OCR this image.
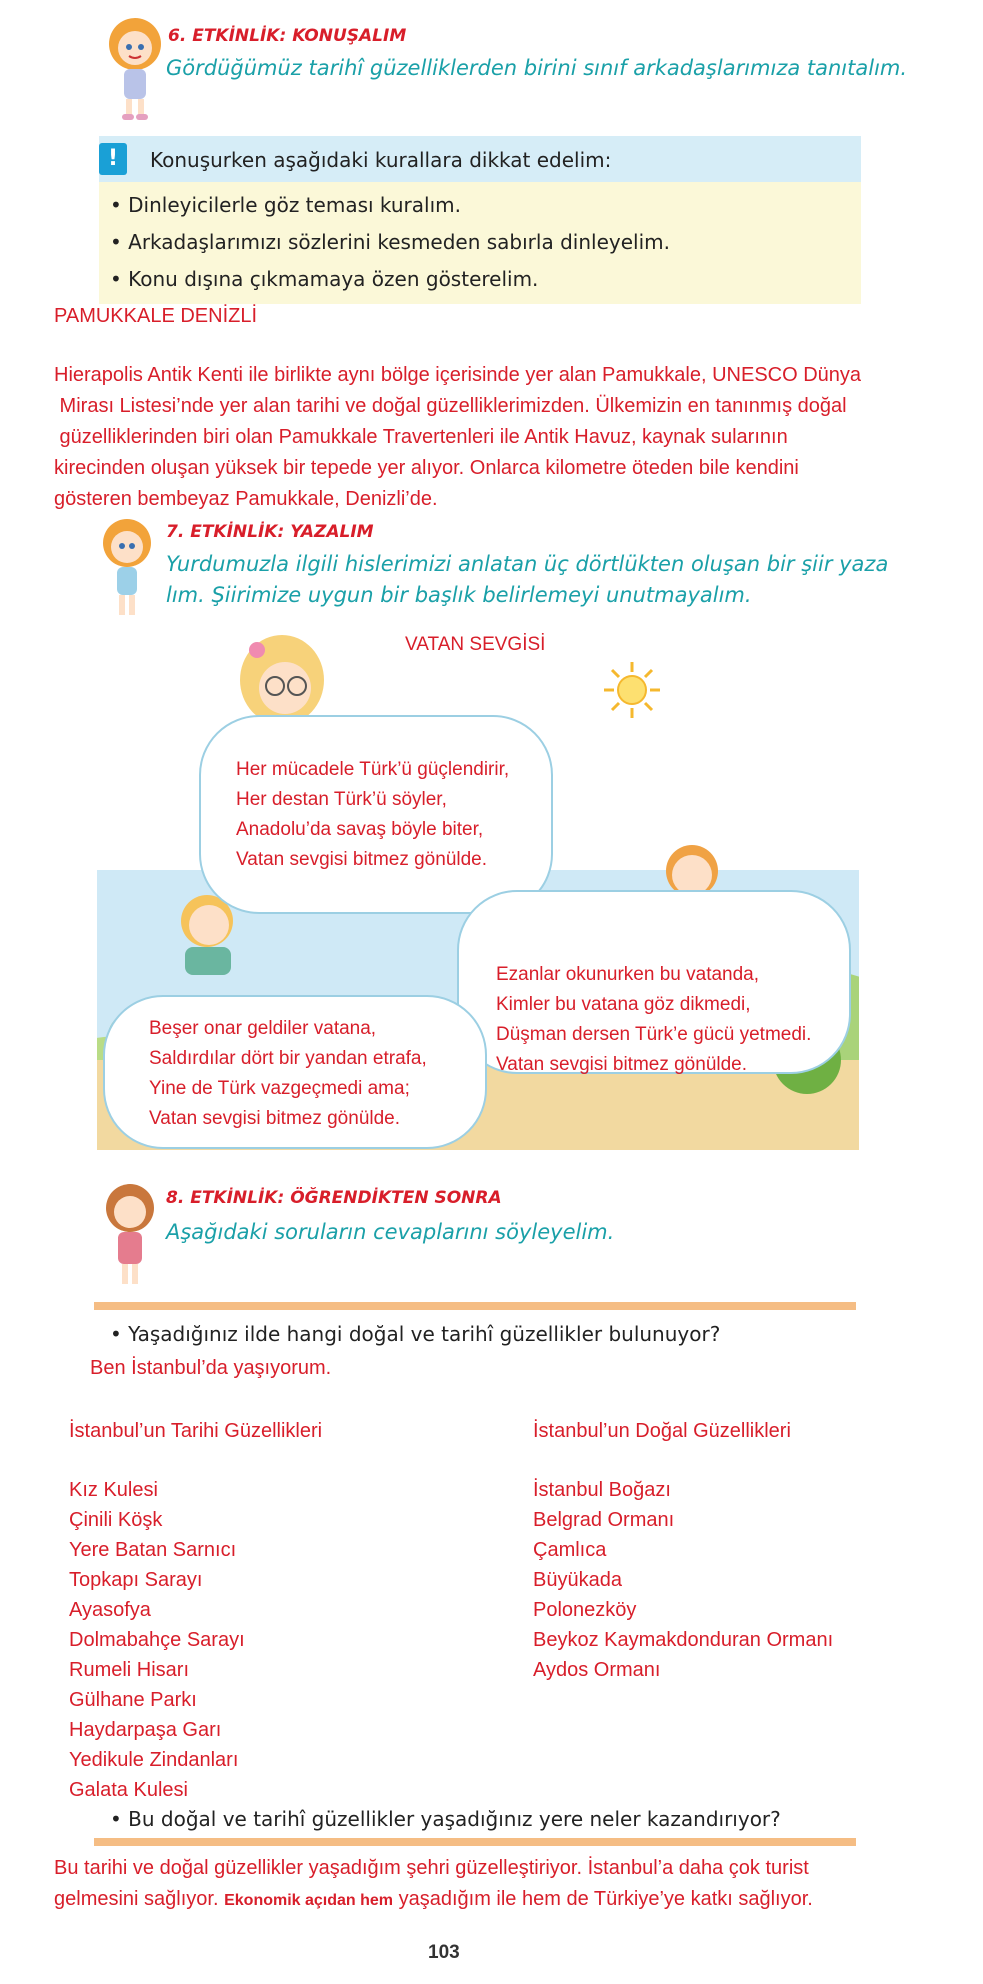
6. ETKİNLİK: KONUŞALIM
Gördüğümüz tarihî güzelliklerden birini sınıf arkadaşlarımıza tanıtalım.
!	Konuşurken aşağıdaki kurallara dikkat edelim:
• Dinleyicilerle göz teması kuralım.
• Arkadaşlarımızı sözlerini kesmeden sabırla dinleyelim.
• Konu dışına çıkmamaya özen gösterelim.
PAMUKKALE DENİZLİ
Hierapolis Antik Kenti ile birlikte aynı bölge içerisinde yer alan Pamukkale, UNESCO Dünya
Mirası Listesi’nde yer alan tarihi ve doğal güzelliklerimizden. Ülkemizin en tanınmış doğal
güzelliklerinden biri olan Pamukkale Travertenleri ile Antik Havuz, kaynak sularının
kirecinden oluşan yüksek bir tepede yer alıyor. Onlarca kilometre öteden bile kendini
gösteren bembeyaz Pamukkale, Denizli’de.
7. ETKİNLİK: YAZALIM
Yurdumuzla ilgili hislerimizi anlatan üç dörtlükten oluşan bir şiir yaza
lım. Şiirimize uygun bir başlık belirlemeyi unutmayalım.
VATAN SEVGİSİ
Her mücadele Türk’ü güçlendirir,
Her destan Türk’ü söyler,
Anadolu’da savaş böyle biter,
Vatan sevgisi bitmez gönülde.
Beşer onar geldiler vatana,
Saldırdılar dört bir yandan etrafa,
Yine de Türk vazgeçmedi ama;
Vatan sevgisi bitmez gönülde.
Ezanlar okunurken bu vatanda,
Kimler bu vatana göz dikmedi,
Düşman dersen Türk’e gücü yetmedi.
Vatan sevgisi bitmez gönülde.
8. ETKİNLİK: ÖĞRENDİKTEN SONRA
Aşağıdaki soruların cevaplarını söyleyelim.
• Yaşadığınız ilde hangi doğal ve tarihî güzellikler bulunuyor?
Ben İstanbul’da yaşıyorum.
İstanbul’un Tarihi Güzellikleri
Kız Kulesi
Çinili Köşk
Yere Batan Sarnıcı
Topkapı Sarayı
Ayasofya
Dolmabahçe Sarayı
Rumeli Hisarı
Gülhane Parkı
Haydarpaşa Garı
Yedikule Zindanları
Galata Kulesi
İstanbul’un Doğal Güzellikleri
İstanbul Boğazı
Belgrad Ormanı
Çamlıca
Büyükada
Polonezköy
Beykoz Kaymakdonduran Ormanı
Aydos Ormanı
• Bu doğal ve tarihî güzellikler yaşadığınız yere neler kazandırıyor?
Bu tarihi ve doğal güzellikler yaşadığım şehri güzelleştiriyor. İstanbul’a daha çok turist
gelmesini sağlıyor. Ekonomik açıdan hem yaşadığım ile hem de Türkiye’ye katkı sağlıyor.
103
